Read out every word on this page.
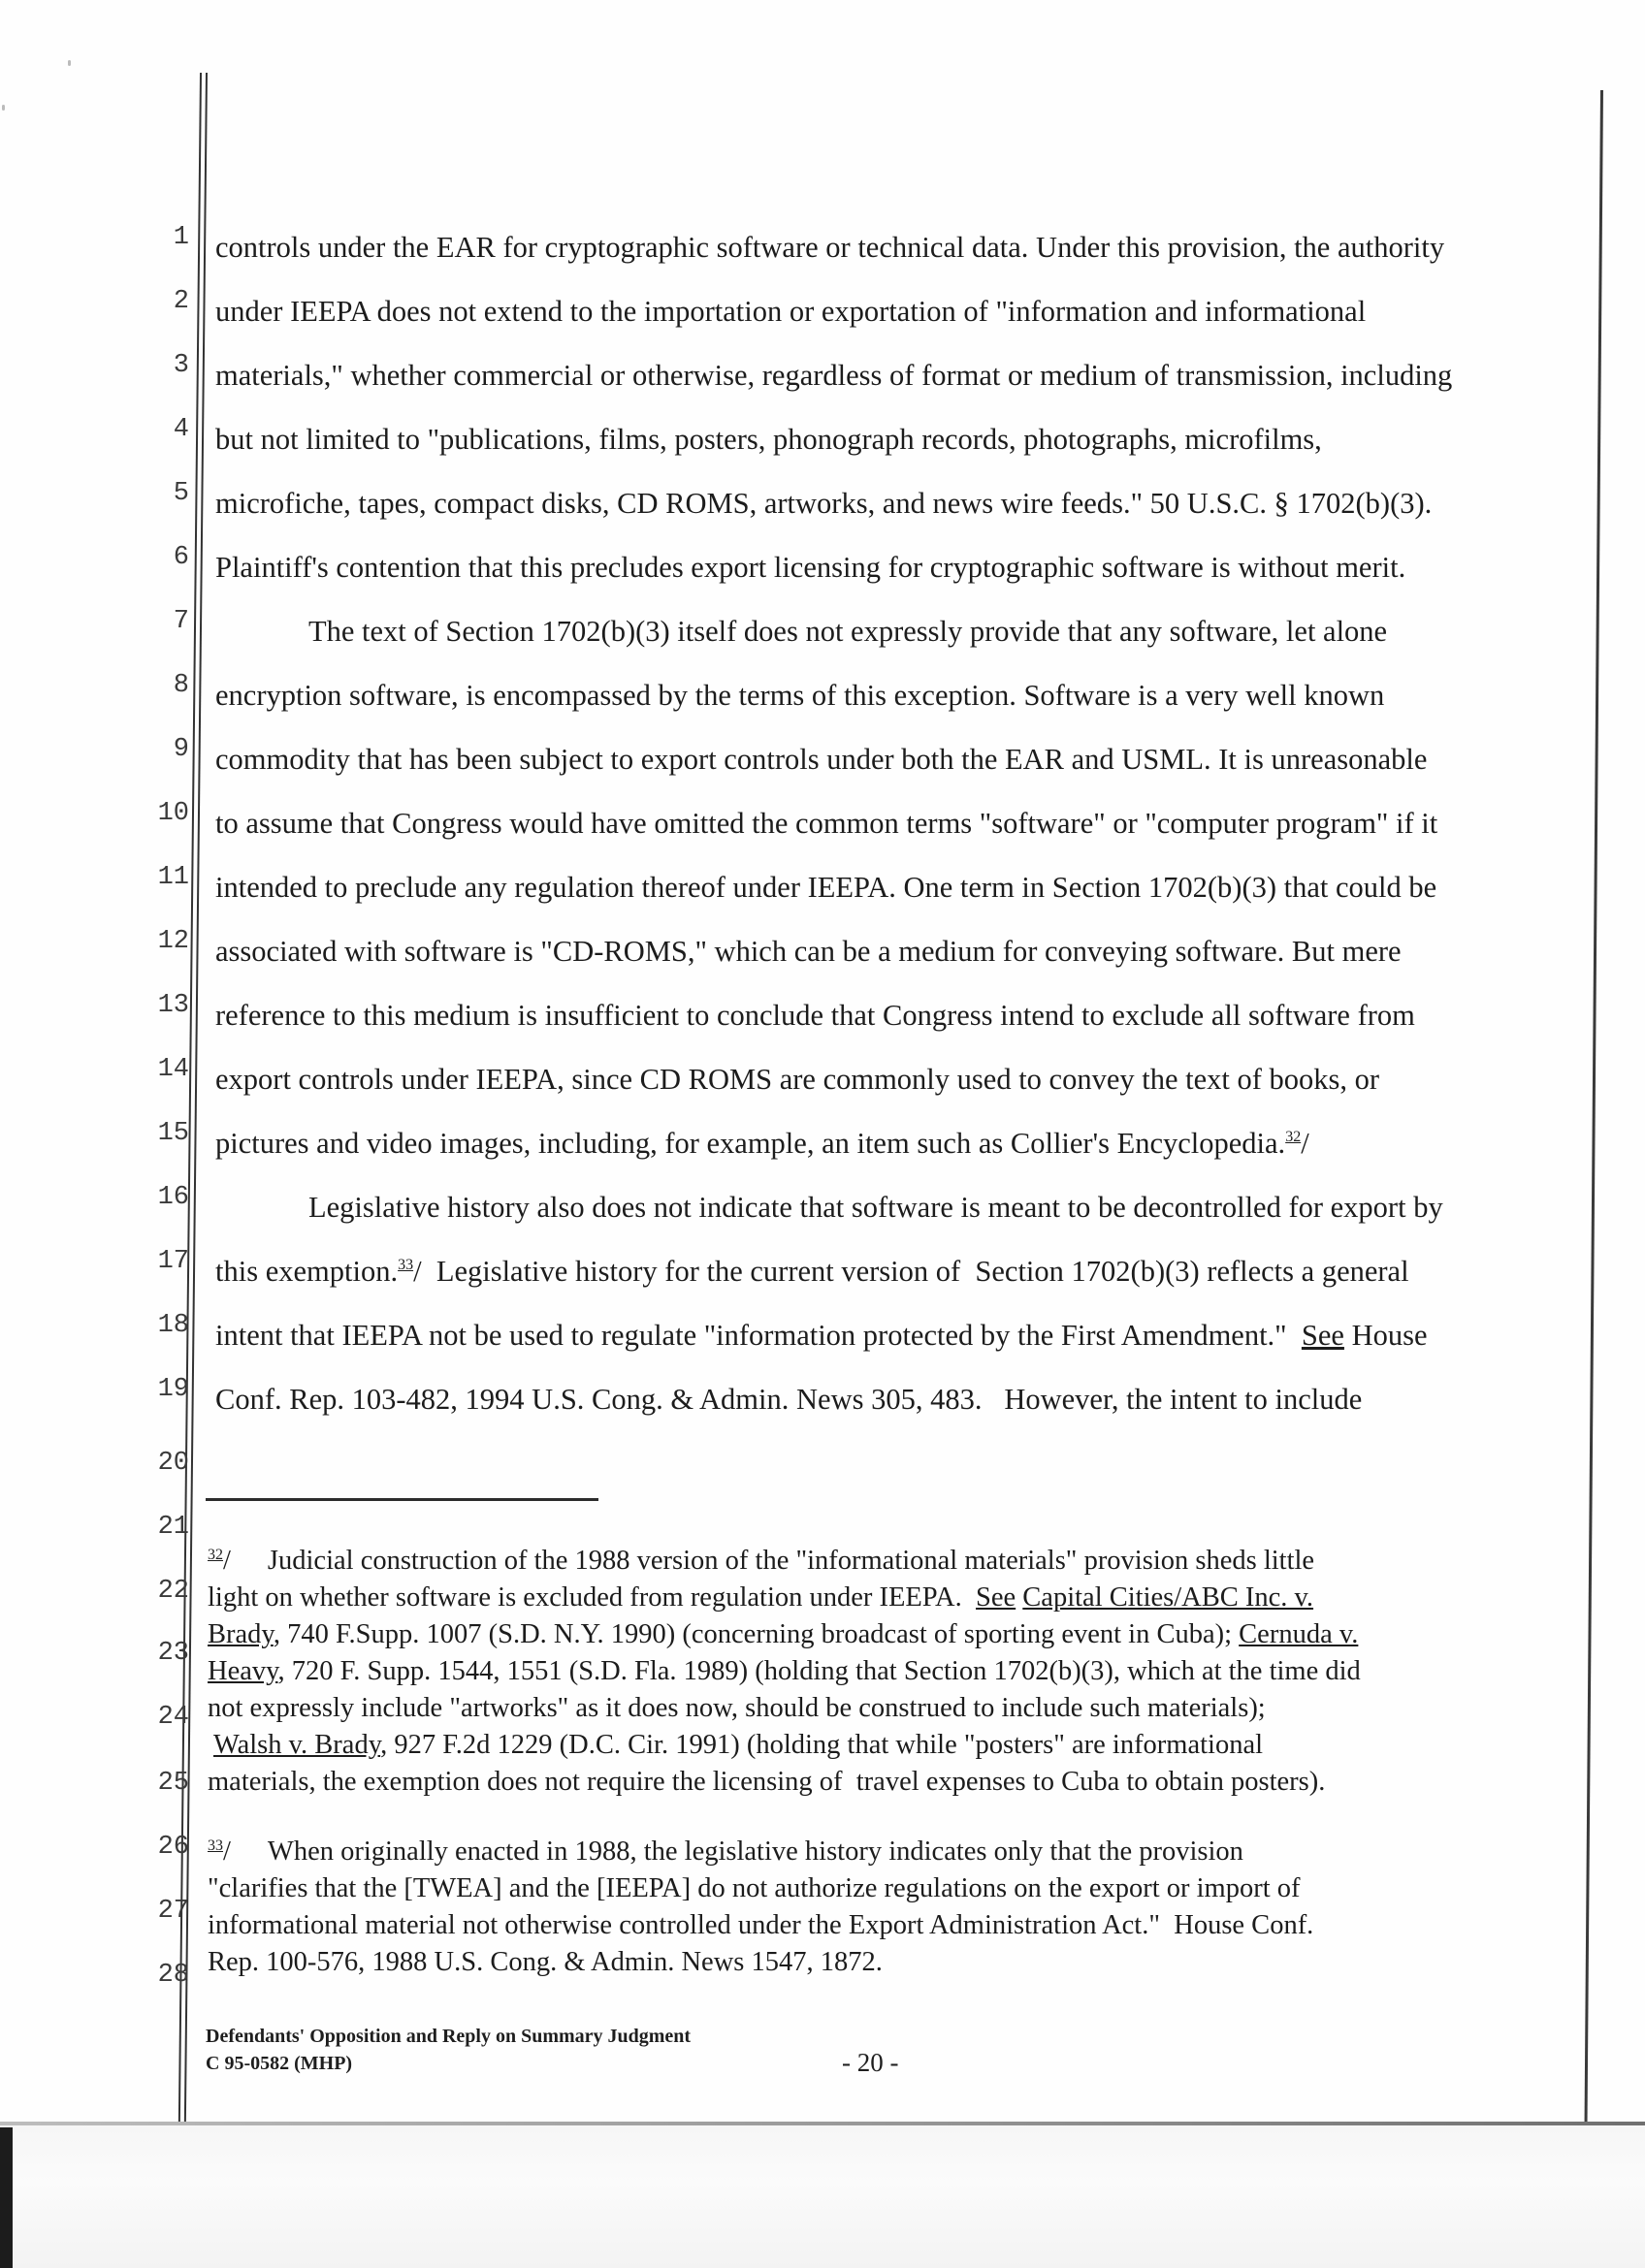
1
2
3
4
5
6
7
8
9
10
11
12
13
14
15
16
17
18
19
20
21
22
23
24
25
26
27
28
controls under the EAR for cryptographic software or technical data. Under this provision, the authority
under IEEPA does not extend to the importation or exportation of "information and informational
materials," whether commercial or otherwise, regardless of format or medium of transmission, including
but not limited to "publications, films, posters, phonograph records, photographs, microfilms,
microfiche, tapes, compact disks, CD ROMS, artworks, and news wire feeds." 50 U.S.C. § 1702(b)(3).
Plaintiff's contention that this precludes export licensing for cryptographic software is without merit.
The text of Section 1702(b)(3) itself does not expressly provide that any software, let alone
encryption software, is encompassed by the terms of this exception. Software is a very well known
commodity that has been subject to export controls under both the EAR and USML. It is unreasonable
to assume that Congress would have omitted the common terms "software" or "computer program" if it
intended to preclude any regulation thereof under IEEPA. One term in Section 1702(b)(3) that could be
associated with software is "CD-ROMS," which can be a medium for conveying software. But mere
reference to this medium is insufficient to conclude that Congress intend to exclude all software from
export controls under IEEPA, since CD ROMS are commonly used to convey the text of books, or
pictures and video images, including, for example, an item such as Collier's Encyclopedia.$^{32}$/
Legislative history also does not indicate that software is meant to be decontrolled for export by
this exemption.$^{33}$/  Legislative history for the current version of  Section 1702(b)(3) reflects a general
intent that IEEPA not be used to regulate "information protected by the First Amendment."  See House
Conf. Rep. 103-482, 1994 U.S. Cong. & Admin. News 305, 483.   However, the intent to include
$^{32}$/ Judicial construction of the 1988 version of the "informational materials" provision sheds little
light on whether software is excluded from regulation under IEEPA.  See Capital Cities/ABC Inc. v.
Brady, 740 F.Supp. 1007 (S.D. N.Y. 1990) (concerning broadcast of sporting event in Cuba); Cernuda v.
Heavy, 720 F. Supp. 1544, 1551 (S.D. Fla. 1989) (holding that Section 1702(b)(3), which at the time did
not expressly include "artworks" as it does now, should be construed to include such materials);
Walsh v. Brady, 927 F.2d 1229 (D.C. Cir. 1991) (holding that while "posters" are informational
materials, the exemption does not require the licensing of  travel expenses to Cuba to obtain posters).
$^{33}$/ When originally enacted in 1988, the legislative history indicates only that the provision
"clarifies that the [TWEA] and the [IEEPA] do not authorize regulations on the export or import of
informational material not otherwise controlled under the Export Administration Act."  House Conf.
Rep. 100-576, 1988 U.S. Cong. & Admin. News 1547, 1872.
Defendants' Opposition and Reply on Summary Judgment
C 95-0582 (MHP)	- 20 -
